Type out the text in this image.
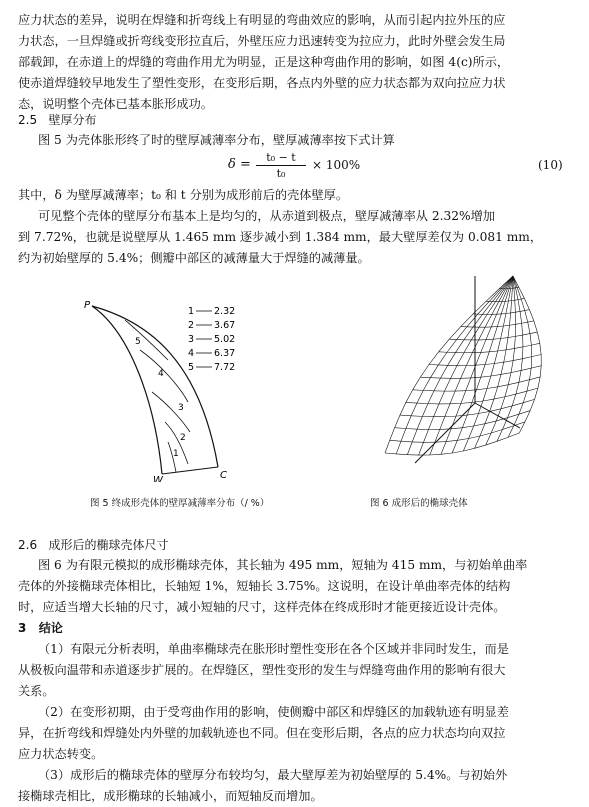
应力状态的差异，说明在焊缝和折弯线上有明显的弯曲效应的影响，从而引起内拉外压的应
力状态，一旦焊缝或折弯线变形拉直后，外壁压应力迅速转变为拉应力，此时外壁会发生局
部载卸，在赤道上的焊缝的弯曲作用尤为明显，正是这种弯曲作用的影响，如图 4(c)所示，
使赤道焊缝较早地发生了塑性变形，在变形后期，各点内外壁的应力状态都为双向拉应力状
态，说明整个壳体已基本胀形成功。
2.5 壁厚分布
图 5 为壳体胀形终了时的壁厚减薄率分布，壁厚减薄率按下式计算
δ =	t₀ − t
t₀
× 100%	(10)
其中，δ 为壁厚减薄率；t₀ 和 t 分别为成形前后的壳体壁厚。
可见整个壳体的壁厚分布基本上是均匀的，从赤道到极点，壁厚减薄率从 2.32%增加
到 7.72%，也就是说壁厚从 1.465 mm 逐步减小到 1.384 mm，最大壁厚差仅为 0.081 mm，
约为初始壁厚的 5.4%；侧瓣中部区的减薄量大于焊缝的减薄量。
P
W	C
1
2
3
4
5
1 2.32
2 3.67
3 5.02
4 6.37
5 7.72
图 5 终成形壳体的壁厚减薄率分布（/ %）	图 6 成形后的椭球壳体
2.6 成形后的椭球壳体尺寸
图 6 为有限元模拟的成形椭球壳体，其长轴为 495 mm，短轴为 415 mm，与初始单曲率
壳体的外接椭球壳体相比，长轴短 1%，短轴长 3.75%。这说明，在设计单曲率壳体的结构
时，应适当增大长轴的尺寸，减小短轴的尺寸，这样壳体在终成形时才能更接近设计壳体。
3 结论
（1）有限元分析表明，单曲率椭球壳在胀形时塑性变形在各个区域并非同时发生，而是
从极板向温带和赤道逐步扩展的。在焊缝区，塑性变形的发生与焊缝弯曲作用的影响有很大
关系。
（2）在变形初期，由于受弯曲作用的影响，使侧瓣中部区和焊缝区的加载轨迹有明显差
异，在折弯线和焊缝处内外壁的加载轨迹也不同。但在变形后期，各点的应力状态均向双拉
应力状态转变。
（3）成形后的椭球壳体的壁厚分布较均匀，最大壁厚差为初始壁厚的 5.4%。与初始外
接椭球壳相比，成形椭球的长轴减小，而短轴反而增加。
